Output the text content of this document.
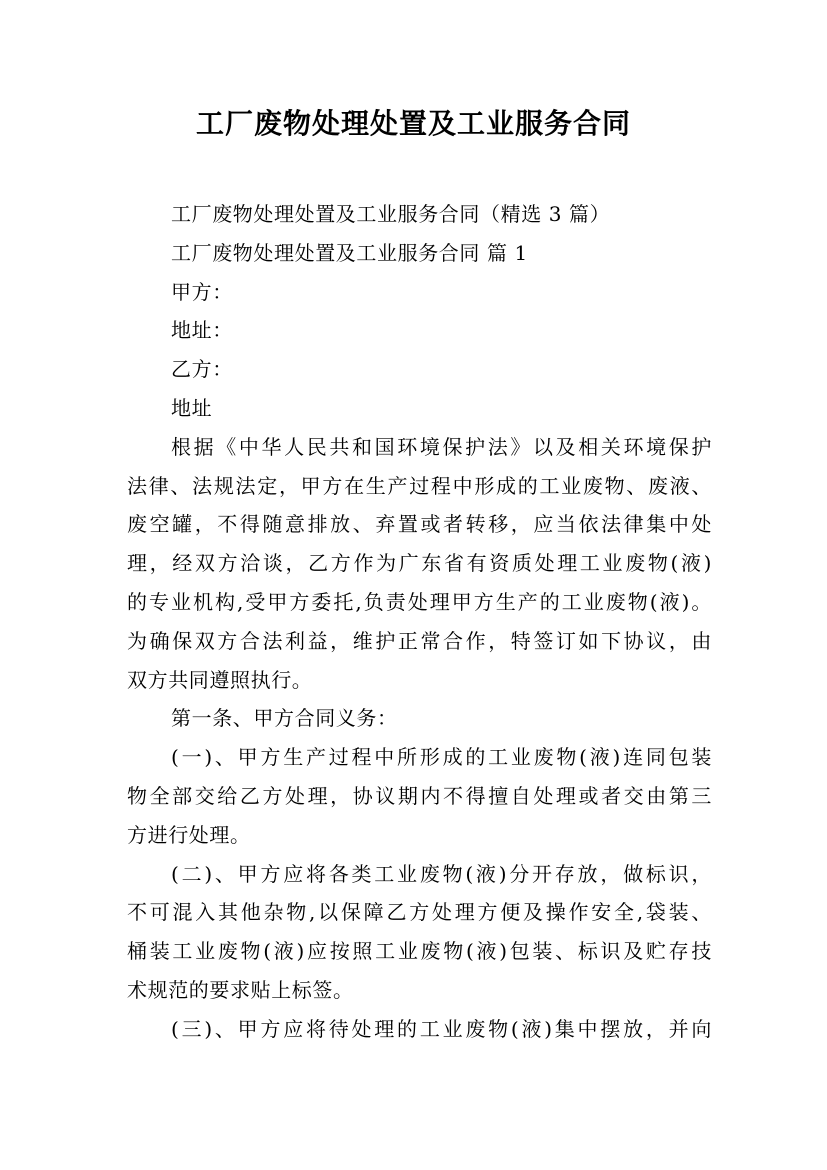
工厂废物处理处置及工业服务合同
工厂废物处理处置及工业服务合同（精选 3 篇）
工厂废物处理处置及工业服务合同 篇 1
甲方：
地址：
乙方：
地址
根据《中华人民共和国环境保护法》以及相关环境保护
法律、法规法定，甲方在生产过程中形成的工业废物、废液、
废空罐，不得随意排放、弃置或者转移，应当依法律集中处
理，经双方洽谈，乙方作为广东省有资质处理工业废物(液)
的专业机构,受甲方委托,负责处理甲方生产的工业废物(液)。
为确保双方合法利益，维护正常合作，特签订如下协议，由
双方共同遵照执行。
第一条、甲方合同义务：
(一)、甲方生产过程中所形成的工业废物(液)连同包装
物全部交给乙方处理，协议期内不得擅自处理或者交由第三
方进行处理。
(二)、甲方应将各类工业废物(液)分开存放，做标识，
不可混入其他杂物,以保障乙方处理方便及操作安全,袋装、
桶装工业废物(液)应按照工业废物(液)包装、标识及贮存技
术规范的要求贴上标签。
(三)、甲方应将待处理的工业废物(液)集中摆放，并向
